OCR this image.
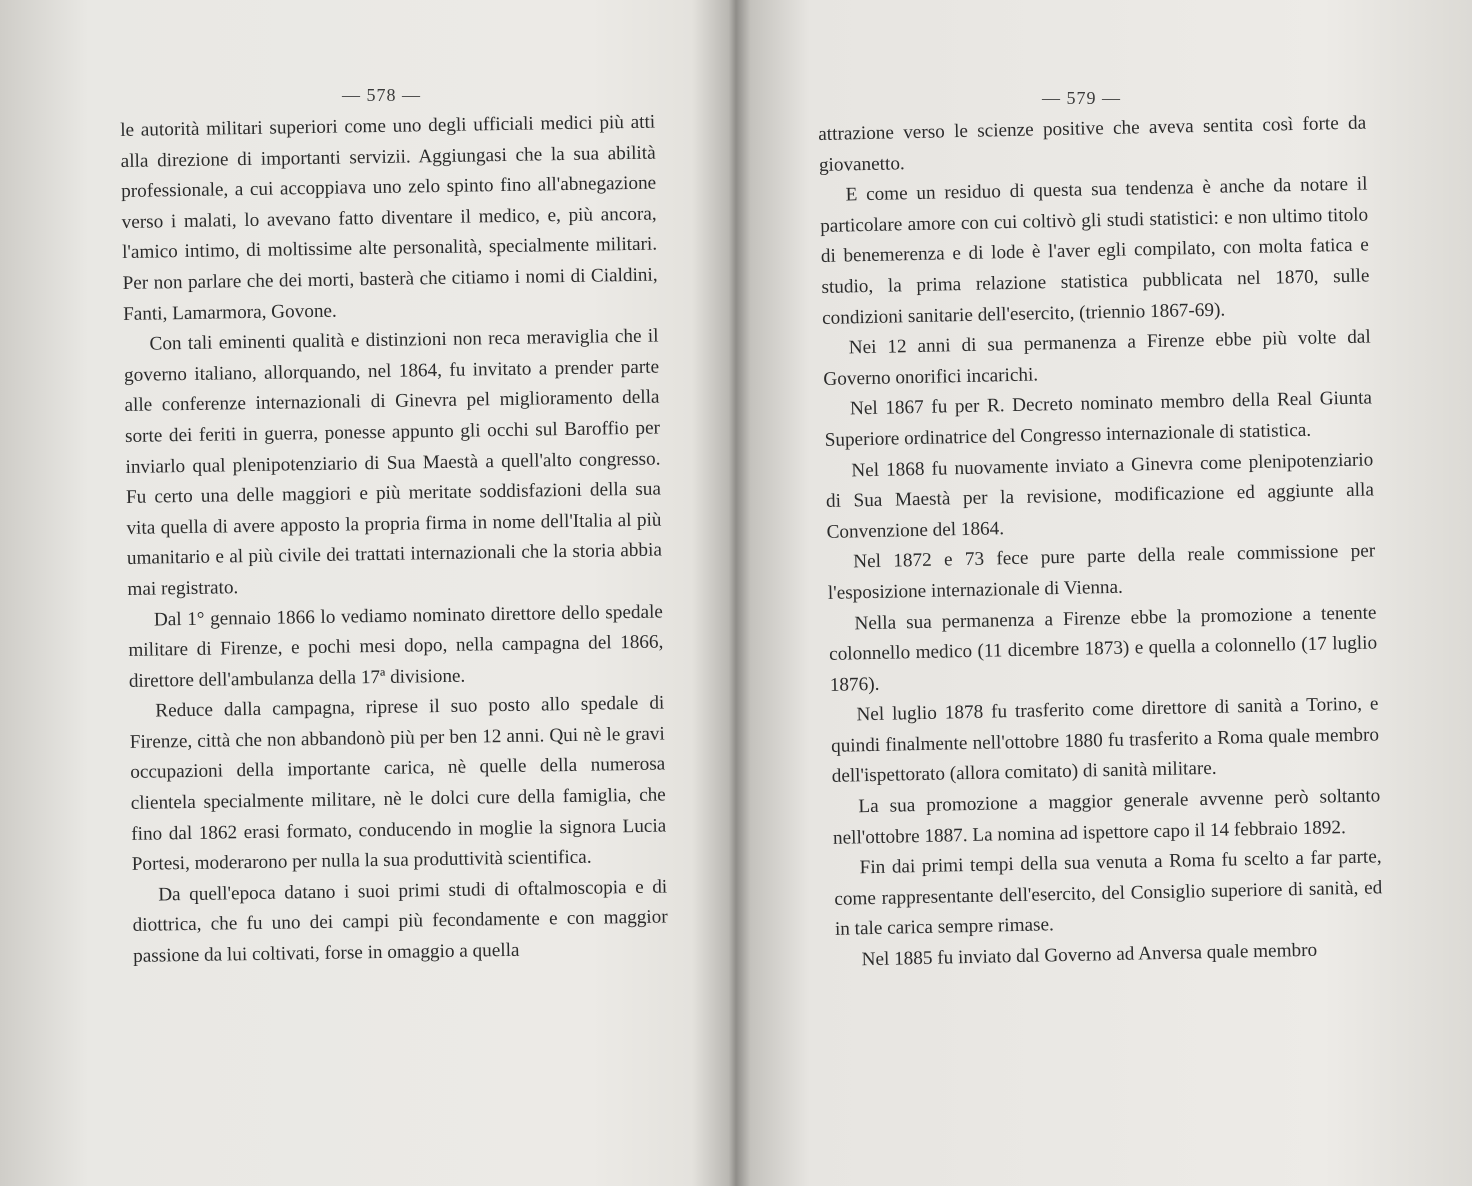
— 578 —

le autorità militari superiori come uno degli ufficiali medici più atti alla direzione di importanti servizii. Aggiungasi che la sua abilità professionale, a cui accoppiava uno zelo spinto fino all'abnegazione verso i malati, lo avevano fatto diventare il medico, e, più ancora, l'amico intimo, di moltissime alte personalità, specialmente militari. Per non parlare che dei morti, basterà che citiamo i nomi di Cialdini, Fanti, Lamarmora, Govone.

Con tali eminenti qualità e distinzioni non reca meraviglia che il governo italiano, allorquando, nel 1864, fu invitato a prender parte alle conferenze internazionali di Ginevra pel miglioramento della sorte dei feriti in guerra, ponesse appunto gli occhi sul Baroffio per inviarlo qual plenipotenziario di Sua Maestà a quell'alto congresso. Fu certo una delle maggiori e più meritate soddisfazioni della sua vita quella di avere apposto la propria firma in nome dell'Italia al più umanitario e al più civile dei trattati internazionali che la storia abbia mai registrato.

Dal 1° gennaio 1866 lo vediamo nominato direttore dello spedale militare di Firenze, e pochi mesi dopo, nella campagna del 1866, direttore dell'ambulanza della 17ª divisione.

Reduce dalla campagna, riprese il suo posto allo spedale di Firenze, città che non abbandonò più per ben 12 anni. Qui nè le gravi occupazioni della importante carica, nè quelle della numerosa clientela specialmente militare, nè le dolci cure della famiglia, che fino dal 1862 erasi formato, conducendo in moglie la signora Lucia Portesi, moderarono per nulla la sua produttività scientifica.

Da quell'epoca datano i suoi primi studi di oftalmoscopia e di diottrica, che fu uno dei campi più fecondamente e con maggior passione da lui coltivati, forse in omaggio a quella

— 579 —

attrazione verso le scienze positive che aveva sentita così forte da giovanetto.

E come un residuo di questa sua tendenza è anche da notare il particolare amore con cui coltivò gli studi statistici: e non ultimo titolo di benemerenza e di lode è l'aver egli compilato, con molta fatica e studio, la prima relazione statistica pubblicata nel 1870, sulle condizioni sanitarie dell'esercito, (triennio 1867-69).

Nei 12 anni di sua permanenza a Firenze ebbe più volte dal Governo onorifici incarichi.

Nel 1867 fu per R. Decreto nominato membro della Real Giunta Superiore ordinatrice del Congresso internazionale di statistica.

Nel 1868 fu nuovamente inviato a Ginevra come plenipotenziario di Sua Maestà per la revisione, modificazione ed aggiunte alla Convenzione del 1864.

Nel 1872 e 73 fece pure parte della reale commissione per l'esposizione internazionale di Vienna.

Nella sua permanenza a Firenze ebbe la promozione a tenente colonnello medico (11 dicembre 1873) e quella a colonnello (17 luglio 1876).

Nel luglio 1878 fu trasferito come direttore di sanità a Torino, e quindi finalmente nell'ottobre 1880 fu trasferito a Roma quale membro dell'ispettorato (allora comitato) di sanità militare.

La sua promozione a maggior generale avvenne però soltanto nell'ottobre 1887. La nomina ad ispettore capo il 14 febbraio 1892.

Fin dai primi tempi della sua venuta a Roma fu scelto a far parte, come rappresentante dell'esercito, del Consiglio superiore di sanità, ed in tale carica sempre rimase.

Nel 1885 fu inviato dal Governo ad Anversa quale membro
